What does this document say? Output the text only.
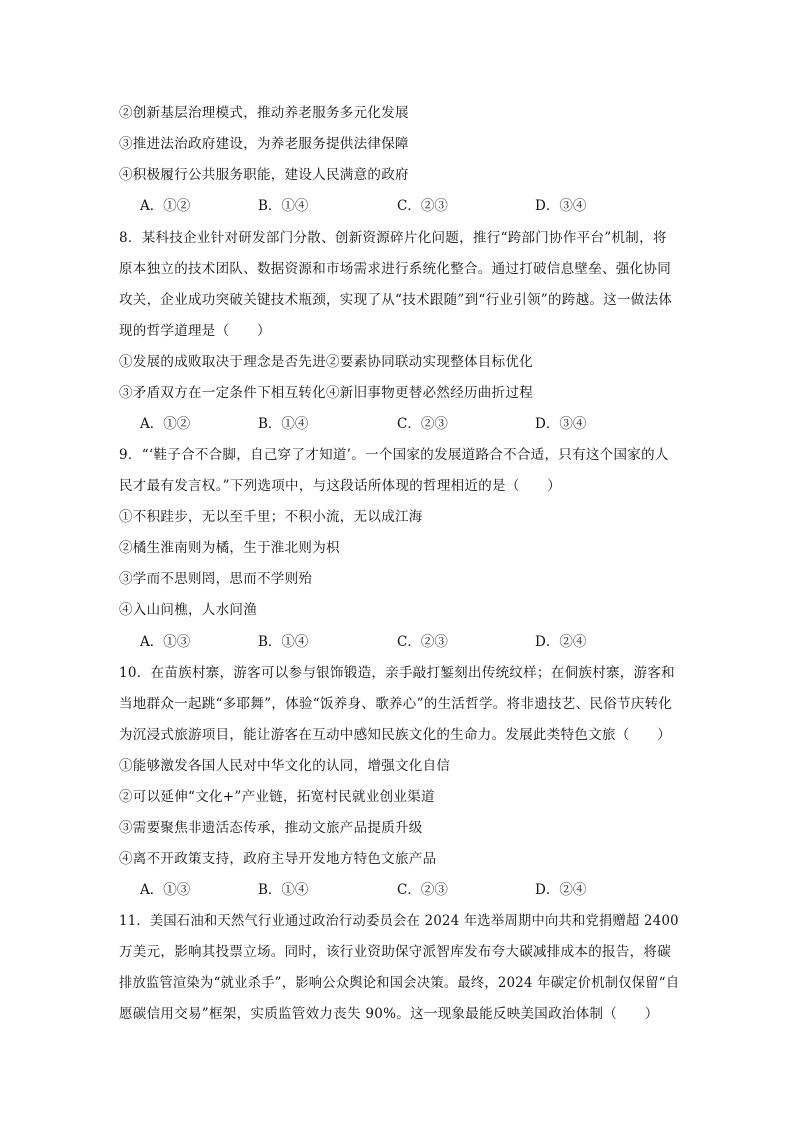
②创新基层治理模式，推动养老服务多元化发展
③推进法治政府建设，为养老服务提供法律保障
④积极履行公共服务职能，建设人民满意的政府
A．①②	B．①④	C．②③	D．③④
8．某科技企业针对研发部门分散、创新资源碎片化问题，推行“跨部门协作平台”机制，将
原本独立的技术团队、数据资源和市场需求进行系统化整合。通过打破信息壁垒、强化协同
攻关，企业成功突破关键技术瓶颈，实现了从“技术跟随”到“行业引领”的跨越。这一做法体
现的哲学道理是（　　）
①发展的成败取决于理念是否先进②要素协同联动实现整体目标优化
③矛盾双方在一定条件下相互转化④新旧事物更替必然经历曲折过程
A．①②	B．①④	C．②③	D．③④
9．“‘鞋子合不合脚，自己穿了才知道’。一个国家的发展道路合不合适，只有这个国家的人
民才最有发言权。”下列选项中，与这段话所体现的哲理相近的是（　　）
①不积跬步，无以至千里；不积小流，无以成江海
②橘生淮南则为橘，生于淮北则为枳
③学而不思则罔，思而不学则殆
④入山问樵，人水问渔
A．①③	B．①④	C．②③	D．②④
10．在苗族村寨，游客可以参与银饰锻造，亲手敲打錾刻出传统纹样；在侗族村寨，游客和
当地群众一起跳“多耶舞”，体验“饭养身、歌养心”的生活哲学。将非遗技艺、民俗节庆转化
为沉浸式旅游项目，能让游客在互动中感知民族文化的生命力。发展此类特色文旅（　　）
①能够激发各国人民对中华文化的认同，增强文化自信
②可以延伸“文化+”产业链，拓宽村民就业创业渠道
③需要聚焦非遗活态传承，推动文旅产品提质升级
④离不开政策支持，政府主导开发地方特色文旅产品
A．①③	B．①④	C．②③	D．②④
11．美国石油和天然气行业通过政治行动委员会在 2024 年选举周期中向共和党捐赠超 2400
万美元，影响其投票立场。同时，该行业资助保守派智库发布夸大碳减排成本的报告，将碳
排放监管渲染为“就业杀手”，影响公众舆论和国会决策。最终，2024 年碳定价机制仅保留“自
愿碳信用交易”框架，实质监管效力丧失 90%。这一现象最能反映美国政治体制（　　）
